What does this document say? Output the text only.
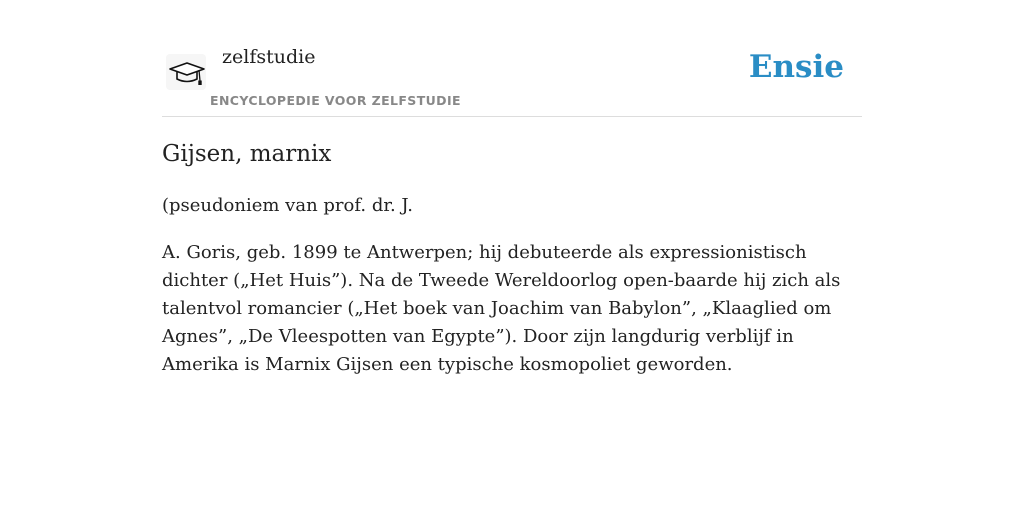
zelfstudie
ENCYCLOPEDIE VOOR ZELFSTUDIE
Ensie
Gijsen, marnix

(pseudoniem van prof. dr. J.

A. Goris, geb. 1899 te Antwerpen; hij debuteerde als expressionistisch dichter („Het Huis”). Na de Tweede Wereldoorlog open-baarde hij zich als talentvol romancier („Het boek van Joachim van Babylon”, „Klaaglied om Agnes”, „De Vleespotten van Egypte”). Door zijn langdurig verblijf in Amerika is Marnix Gijsen een typische kosmopoliet geworden.
